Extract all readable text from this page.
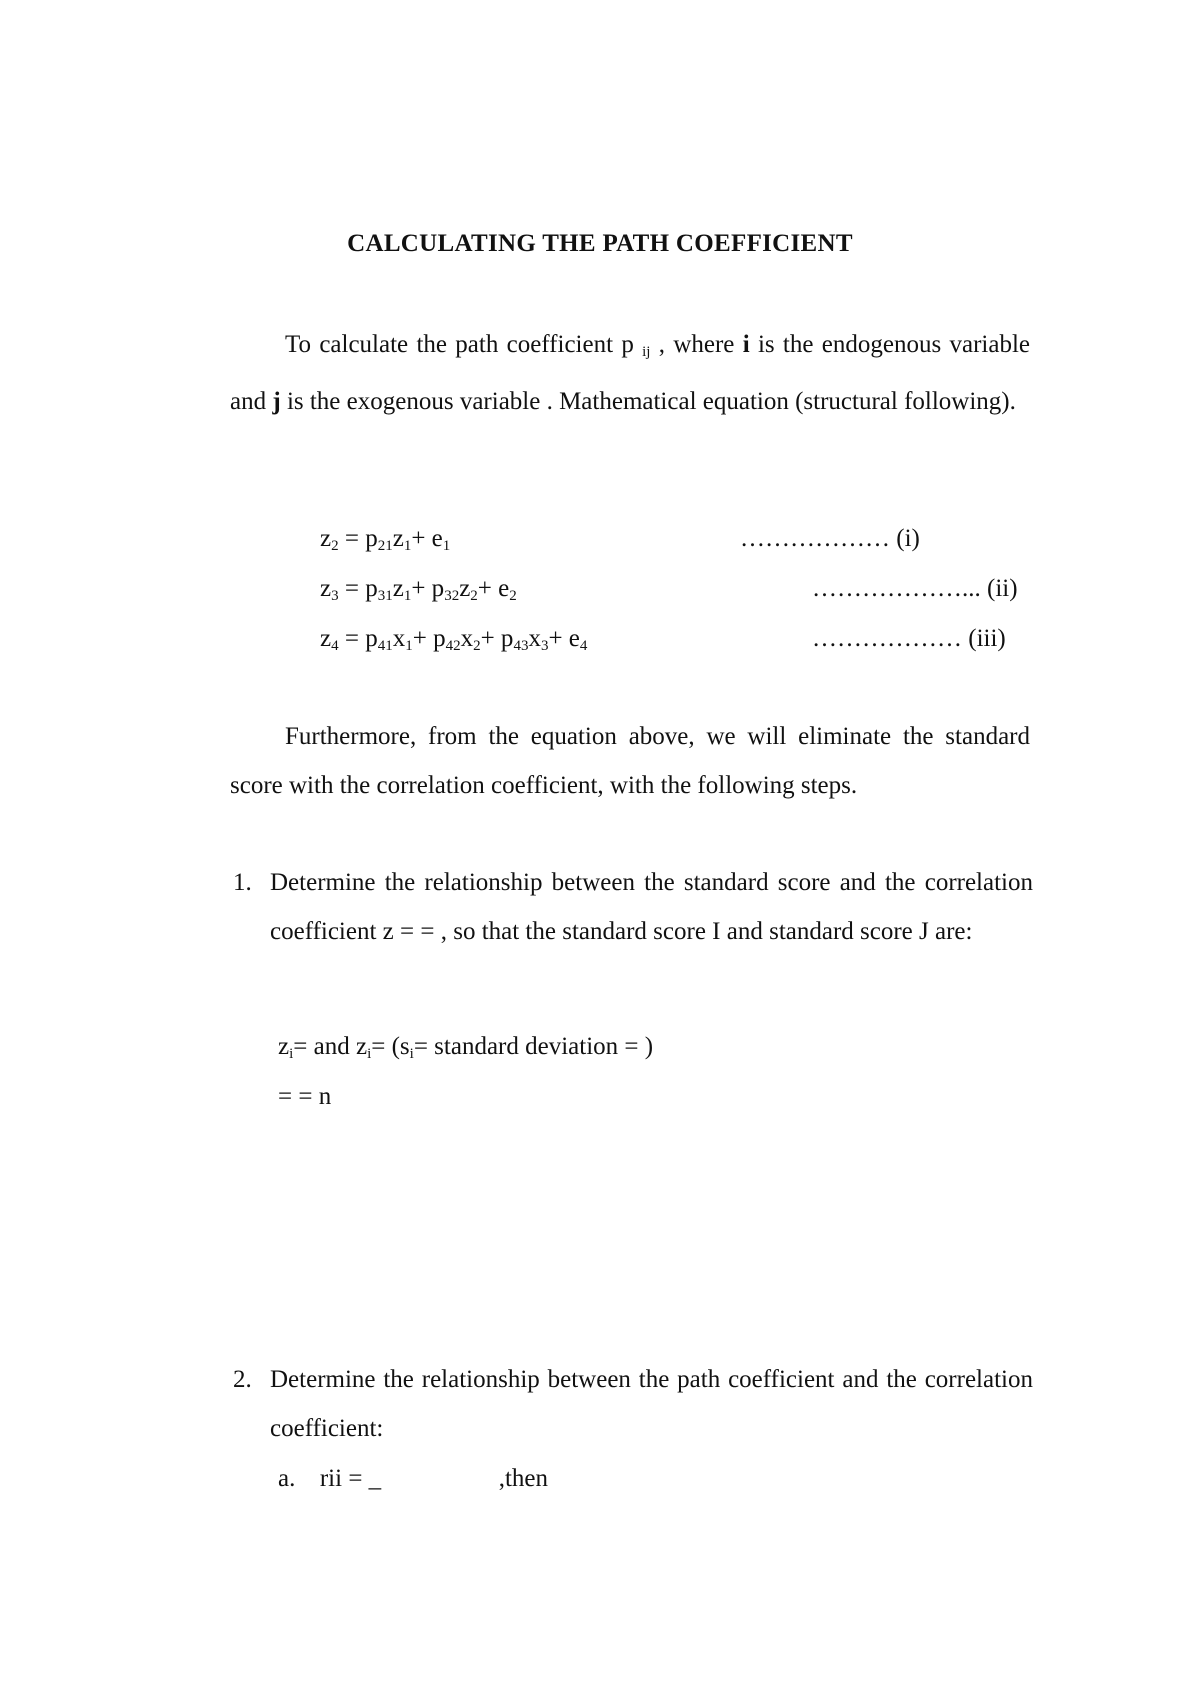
CALCULATING THE PATH COEFFICIENT
To calculate the path coefficient p $_{ij}$ , where i is the endogenous variable and j is the exogenous variable . Mathematical equation (structural following).
$z_2 = p_{21}z_1+ e_1$	……………… (i)
$z_3 = p_{31}z_1+ p_{32}z_2+ e_2$	………………... (ii)
$z_4 = p_{41}x_1+ p_{42}x_2+ p_{43}x_3+ e_4$	……………… (iii)
Furthermore, from the equation above, we will eliminate the standard score with the correlation coefficient, with the following steps.
1. Determine the relationship between the standard score and the correlation coefficient z = = , so that the standard score I and standard score J are:
$z_i=$ and $z_i= (s_i=$ standard deviation = )
= = n
2. Determine the relationship between the path coefficient and the correlation coefficient:
a. rii = _	,then
